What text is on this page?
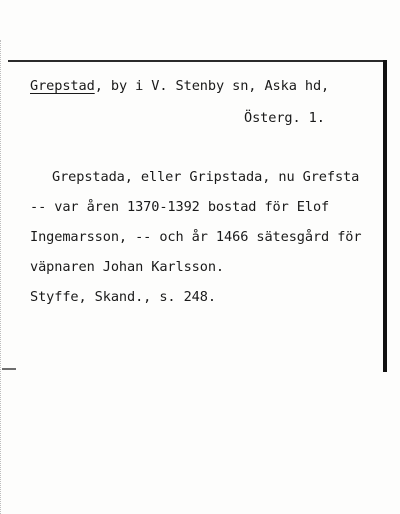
Grepstad, by i V. Stenby sn, Aska hd,
Österg. 1.
Grepstada, eller Gripstada, nu Grefsta
-- var åren 1370-1392 bostad för Elof
Ingemarsson, -- och år 1466 sätesgård för
väpnaren Johan Karlsson.
Styffe, Skand., s. 248.
